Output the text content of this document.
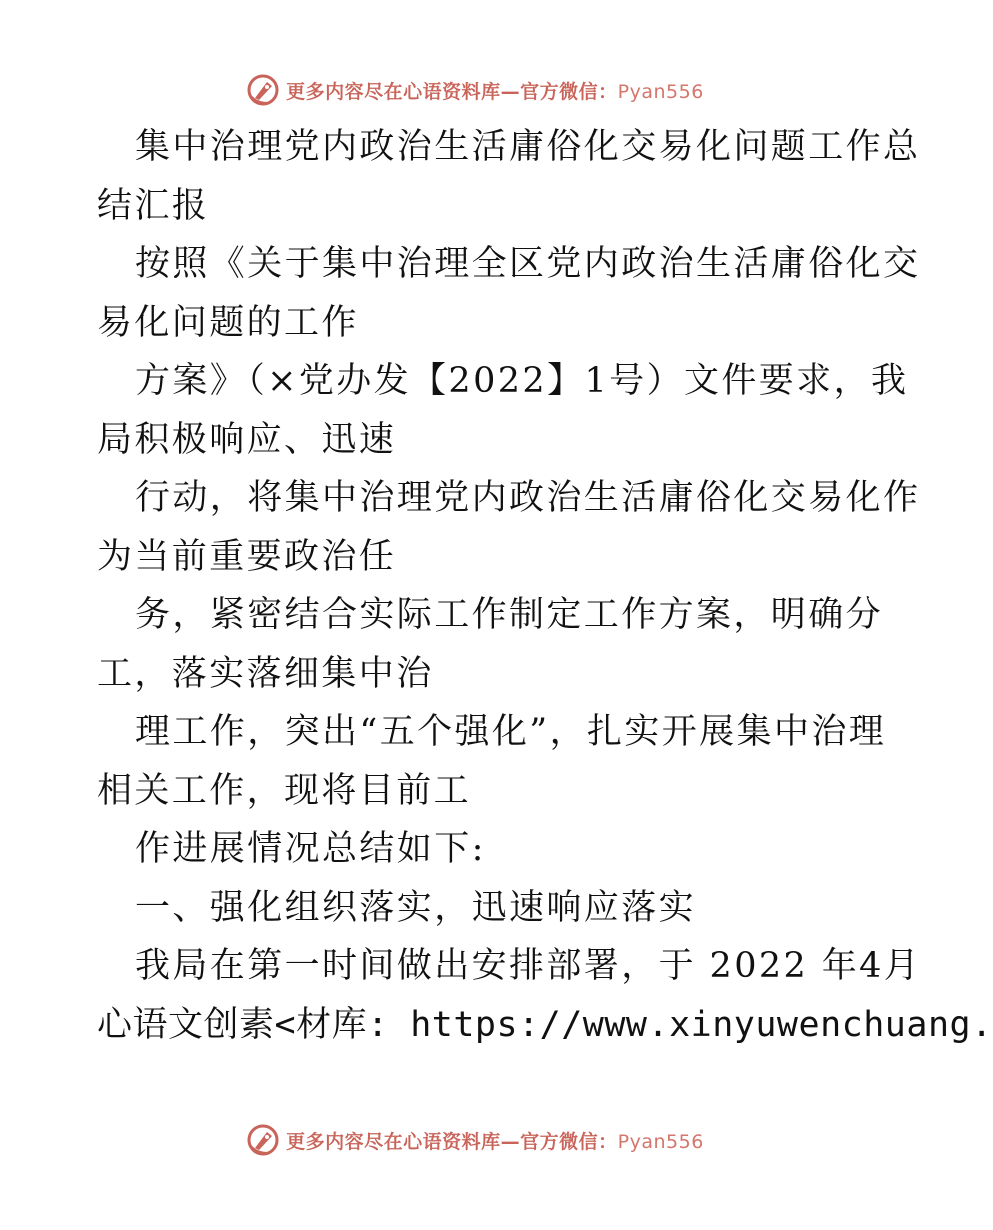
更多内容尽在心语资料库—官方微信：Pyan556
集中治理党内政治生活庸俗化交易化问题工作总
结汇报
按照《关于集中治理全区党内政治生活庸俗化交
易化问题的工作
方案》（×党办发【2022】1号）文件要求，我
局积极响应、迅速
行动，将集中治理党内政治生活庸俗化交易化作
为当前重要政治任
务，紧密结合实际工作制定工作方案，明确分
工，落实落细集中治
理工作，突出“五个强化”，扎实开展集中治理
相关工作，现将目前工
作进展情况总结如下:
一、强化组织落实，迅速响应落实
我局在第一时间做出安排部署，于 2022 年4月
心语文创素<材库: https://www.xinyuwenchuang.
更多内容尽在心语资料库—官方微信：Pyan556
